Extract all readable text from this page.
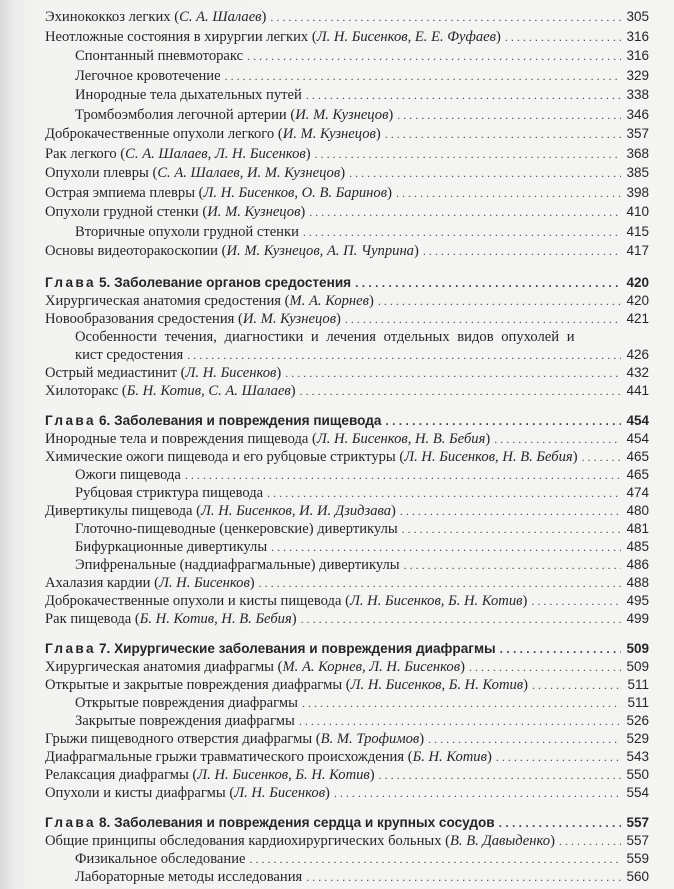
Эхинококкоз легких (С. А. Шалаев) . . .	305
Неотложные состояния в хирургии легких (Л. Н. Бисенков, Е. Е. Фуфаев) . . .	316
Спонтанный пневмоторакс . . .	316
Легочное кровотечение . . .	329
Инородные тела дыхательных путей . . .	338
Тромбоэмболия легочной артерии (И. М. Кузнецов) . . .	346
Доброкачественные опухоли легкого (И. М. Кузнецов) . . .	357
Рак легкого (С. А. Шалаев, Л. Н. Бисенков) . . .	368
Опухоли плевры (С. А. Шалаев, И. М. Кузнецов) . . .	385
Острая эмпиема плевры (Л. Н. Бисенков, О. В. Баринов) . . .	398
Опухоли грудной стенки (И. М. Кузнецов) . . .	410
Вторичные опухоли грудной стенки . . .	415
Основы видеоторакоскопии (И. М. Кузнецов, А. П. Чуприна) . . .	417
Глава 5. Заболевание органов средостения . . .	420
Хирургическая анатомия средостения (М. А. Корнев) . . .	420
Новообразования средостения (И. М. Кузнецов) . . .	421
Особенности течения, диагностики и лечения отдельных видов опухолей и
кист средостения . . .	426
Острый медиастинит (Л. Н. Бисенков) . . .	432
Хилоторакс (Б. Н. Котив, С. А. Шалаев) . . .	441
Глава 6. Заболевания и повреждения пищевода . . .	454
Инородные тела и повреждения пищевода (Л. Н. Бисенков, Н. В. Бебия) . . .	454
Химические ожоги пищевода и его рубцовые стриктуры (Л. Н. Бисенков, Н. В. Бебия) . . .	465
Ожоги пищевода . . .	465
Рубцовая стриктура пищевода . . .	474
Дивертикулы пищевода (Л. Н. Бисенков, И. И. Дзидзава) . . .	480
Глоточно-пищеводные (ценкеровские) дивертикулы . . .	481
Бифуркационные дивертикулы . . .	485
Эпифренальные (наддиафрагмальные) дивертикулы . . .	486
Ахалазия кардии (Л. Н. Бисенков) . . .	488
Доброкачественные опухоли и кисты пищевода (Л. Н. Бисенков, Б. Н. Котив) . . .	495
Рак пищевода (Б. Н. Котив, Н. В. Бебия) . . .	499
Глава 7. Хирургические заболевания и повреждения диафрагмы . . .	509
Хирургическая анатомия диафрагмы (М. А. Корнев, Л. Н. Бисенков) . . .	509
Открытые и закрытые повреждения диафрагмы (Л. Н. Бисенков, Б. Н. Котив) . . .	511
Открытые повреждения диафрагмы . . .	511
Закрытые повреждения диафрагмы . . .	526
Грыжи пищеводного отверстия диафрагмы (В. М. Трофимов) . . .	529
Диафрагмальные грыжи травматического происхождения (Б. Н. Котив) . . .	543
Релаксация диафрагмы (Л. Н. Бисенков, Б. Н. Котив) . . .	550
Опухоли и кисты диафрагмы (Л. Н. Бисенков) . . .	554
Глава 8. Заболевания и повреждения сердца и крупных сосудов . . .	557
Общие принципы обследования кардиохирургических больных (В. В. Давыденко) . . .	557
Физикальное обследование . . .	559
Лабораторные методы исследования . . .	560
